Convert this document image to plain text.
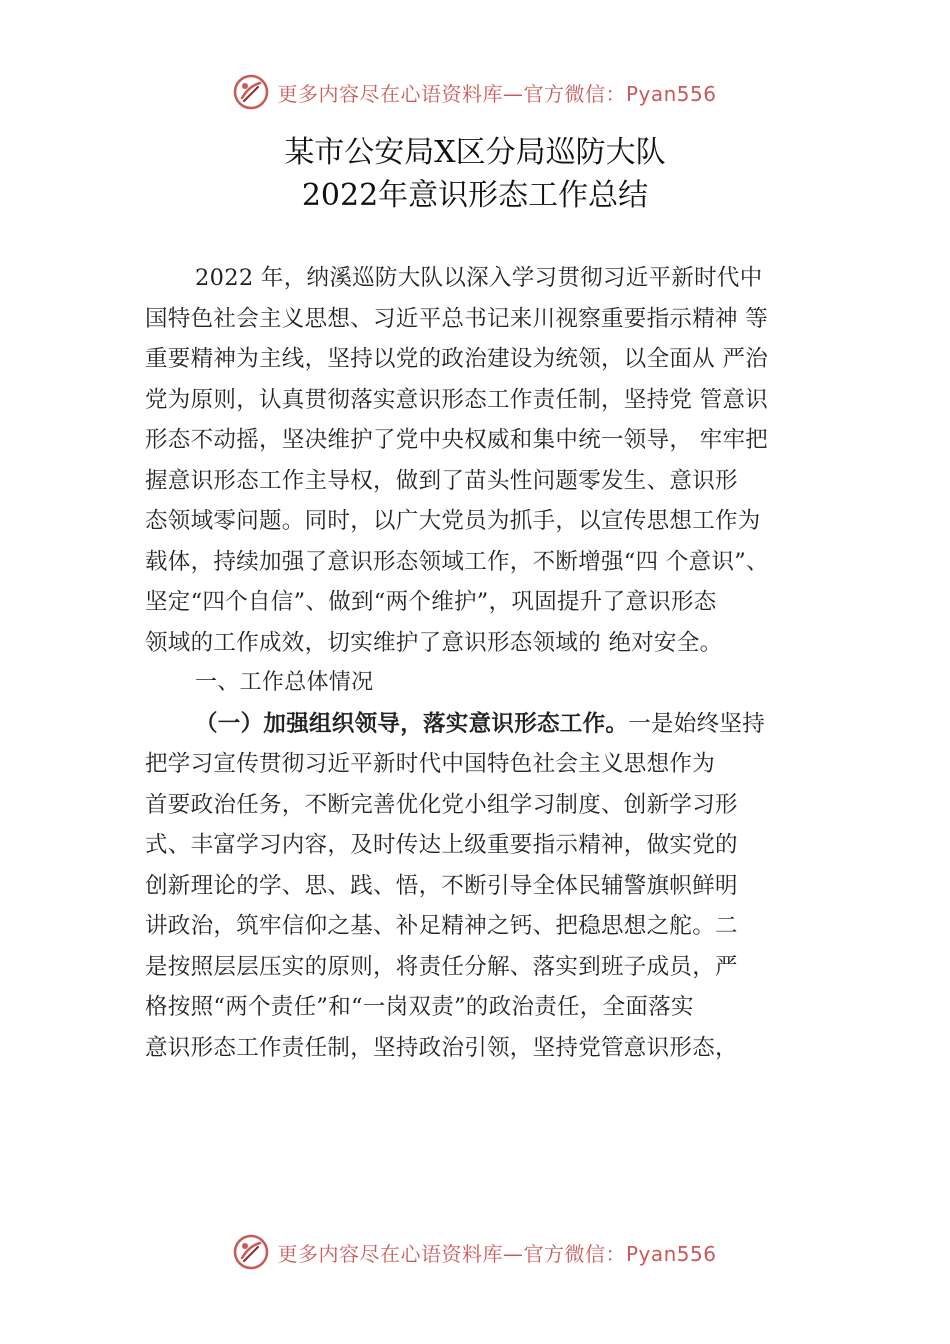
更多内容尽在心语资料库—官方微信：Pyan556
某市公安局X区分局巡防大队
2022年意识形态工作总结
2022 年，纳溪巡防大队以深入学习贯彻习近平新时代中
国特色社会主义思想、习近平总书记来川视察重要指示精神 等
重要精神为主线，坚持以党的政治建设为统领，以全面从 严治
党为原则，认真贯彻落实意识形态工作责任制，坚持党 管意识
形态不动摇，坚决维护了党中央权威和集中统一领导， 牢牢把
握意识形态工作主导权，做到了苗头性问题零发生、意识形
态领域零问题。同时，以广大党员为抓手，以宣传思想工作为
载体，持续加强了意识形态领域工作，不断增强“四 个意识”、
坚定“四个自信”、做到“两个维护”，巩固提升了意识形态
领域的工作成效，切实维护了意识形态领域的 绝对安全。
一、工作总体情况
（一）加强组织领导，落实意识形态工作。一是始终坚持
把学习宣传贯彻习近平新时代中国特色社会主义思想作为
首要政治任务，不断完善优化党小组学习制度、创新学习形
式、丰富学习内容，及时传达上级重要指示精神，做实党的
创新理论的学、思、践、悟，不断引导全体民辅警旗帜鲜明
讲政治，筑牢信仰之基、补足精神之钙、把稳思想之舵。二
是按照层层压实的原则，将责任分解、落实到班子成员，严
格按照“两个责任”和“一岗双责”的政治责任，全面落实
意识形态工作责任制，坚持政治引领，坚持党管意识形态，
更多内容尽在心语资料库—官方微信：Pyan556
